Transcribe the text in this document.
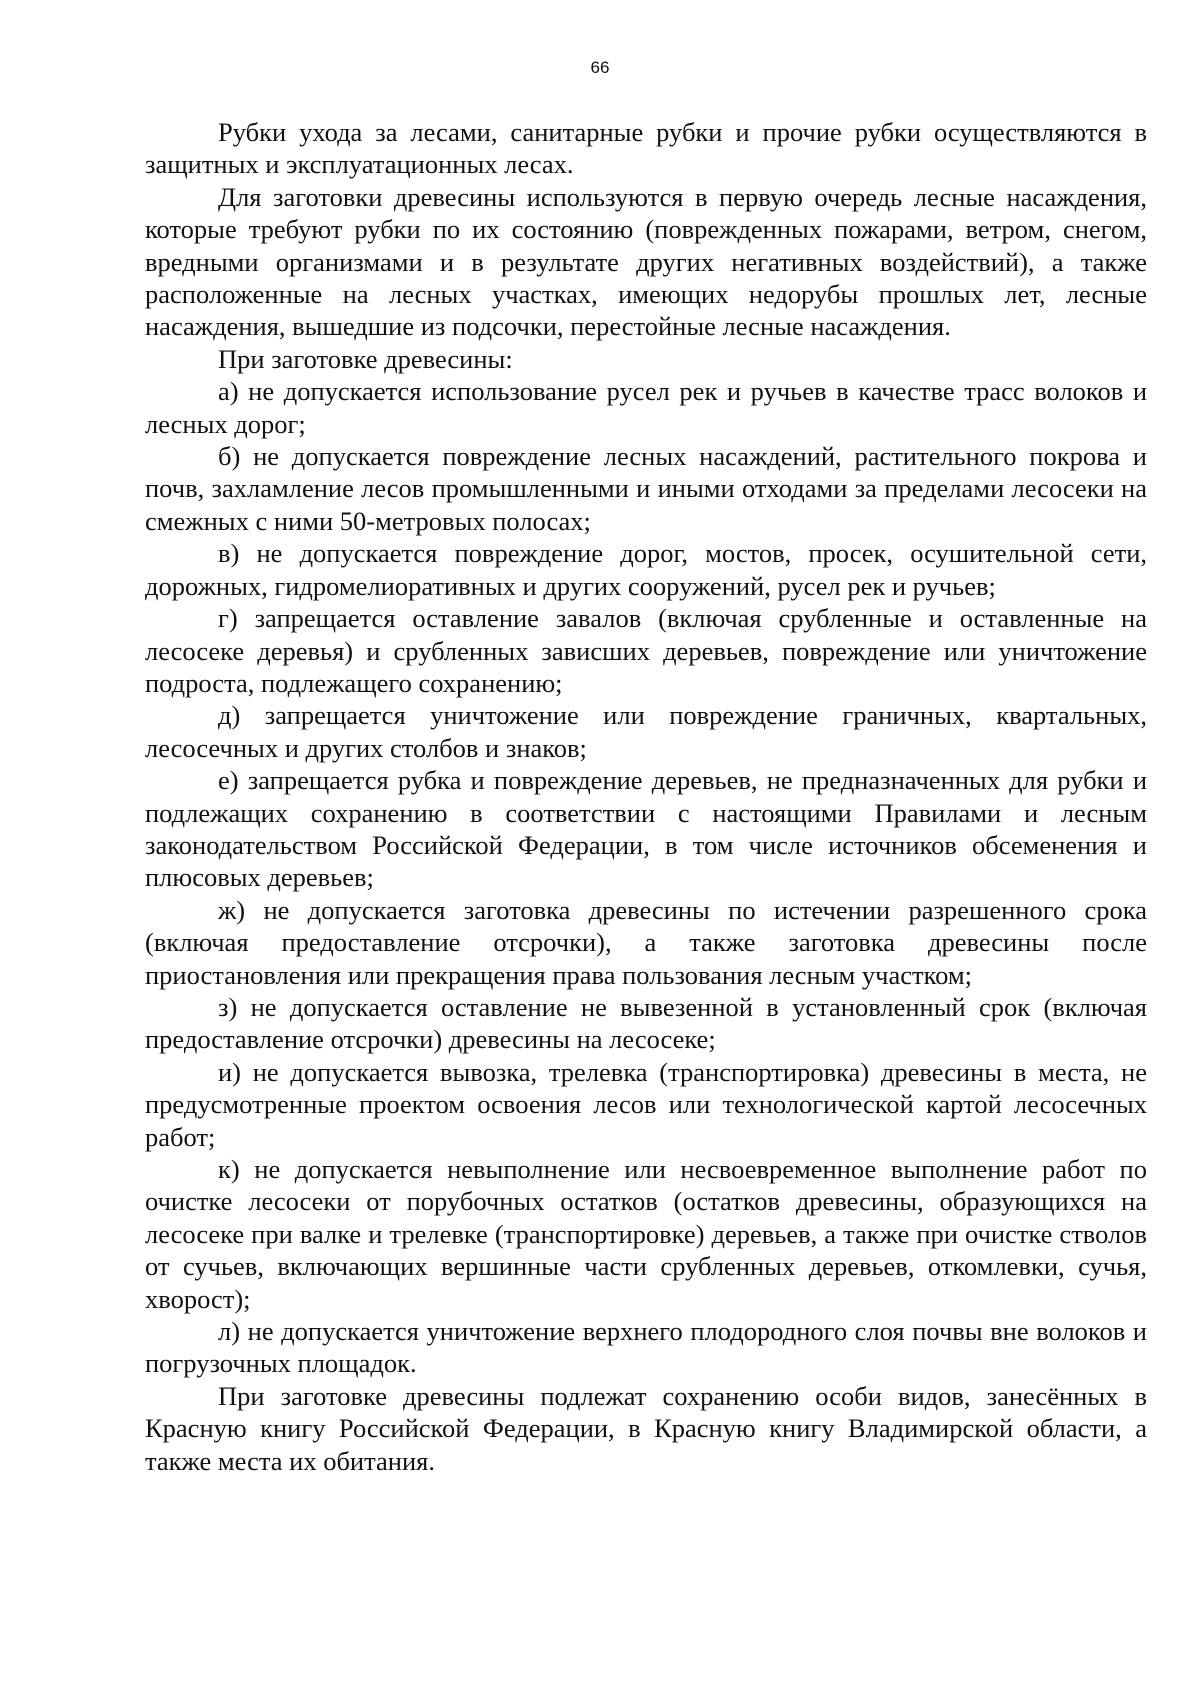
66

Рубки ухода за лесами, санитарные рубки и прочие рубки осуществляются в защитных и эксплуатационных лесах.

Для заготовки древесины используются в первую очередь лесные насаждения, которые требуют рубки по их состоянию (поврежденных пожарами, ветром, снегом, вредными организмами и в результате других негативных воздействий), а также расположенные на лесных участках, имеющих недорубы прошлых лет, лесные насаждения, вышедшие из подсочки, перестойные лесные насаждения.

При заготовке древесины:

а) не допускается использование русел рек и ручьев в качестве трасс волоков и лесных дорог;

б) не допускается повреждение лесных насаждений, растительного покрова и почв, захламление лесов промышленными и иными отходами за пределами лесосеки на смежных с ними 50-метровых полосах;

в) не допускается повреждение дорог, мостов, просек, осушительной сети, дорожных, гидромелиоративных и других сооружений, русел рек и ручьев;

г) запрещается оставление завалов (включая срубленные и оставленные на лесосеке деревья) и срубленных зависших деревьев, повреждение или уничтожение подроста, подлежащего сохранению;

д) запрещается уничтожение или повреждение граничных, квартальных, лесосечных и других столбов и знаков;

е) запрещается рубка и повреждение деревьев, не предназначенных для рубки и подлежащих сохранению в соответствии с настоящими Правилами и лесным законодательством Российской Федерации, в том числе источников обсеменения и плюсовых деревьев;

ж) не допускается заготовка древесины по истечении разрешенного срока (включая предоставление отсрочки), а также заготовка древесины после приостановления или прекращения права пользования лесным участком;

з) не допускается оставление не вывезенной в установленный срок (включая предоставление отсрочки) древесины на лесосеке;

и) не допускается вывозка, трелевка (транспортировка) древесины в места, не предусмотренные проектом освоения лесов или технологической картой лесосечных работ;

к) не допускается невыполнение или несвоевременное выполнение работ по очистке лесосеки от порубочных остатков (остатков древесины, образующихся на лесосеке при валке и трелевке (транспортировке) деревьев, а также при очистке стволов от сучьев, включающих вершинные части срубленных деревьев, откомлевки, сучья, хворост);

л) не допускается уничтожение верхнего плодородного слоя почвы вне волоков и погрузочных площадок.

При заготовке древесины подлежат сохранению особи видов, занесённых в Красную книгу Российской Федерации, в Красную книгу Владимирской области, а также места их обитания.
